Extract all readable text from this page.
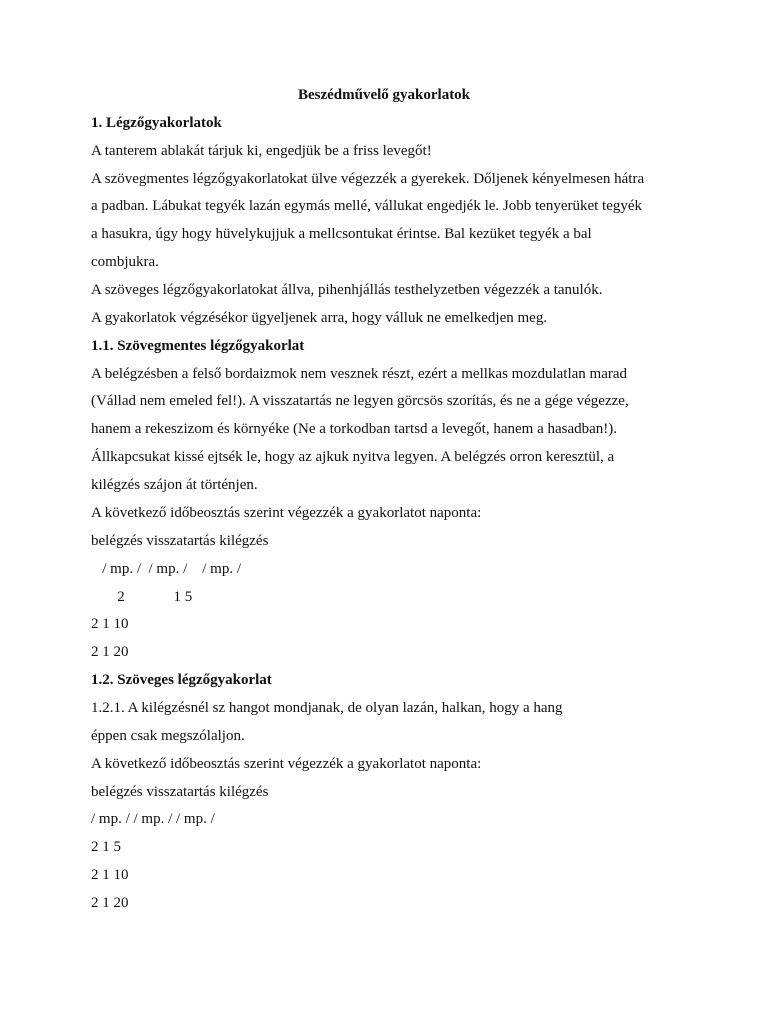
Beszédművelő gyakorlatok
1. Légzőgyakorlatok
A tanterem ablakát tárjuk ki, engedjük be a friss levegőt!
A szövegmentes légzőgyakorlatokat ülve végezzék a gyerekek. Dőljenek kényelmesen hátra
a padban. Lábukat tegyék lazán egymás mellé, vállukat engedjék le. Jobb tenyerüket tegyék
a hasukra, úgy hogy hüvelykujjuk a mellcsontukat érintse. Bal kezüket tegyék a bal
combjukra.
A szöveges légzőgyakorlatokat állva, pihenhjállás testhelyzetben végezzék a tanulók.
A gyakorlatok végzésékor ügyeljenek arra, hogy válluk ne emelkedjen meg.
1.1. Szövegmentes légzőgyakorlat
A belégzésben a felső bordaizmok nem vesznek részt, ezért a mellkas mozdulatlan marad
(Vállad nem emeled fel!). A visszatartás ne legyen görcsös szorítás, és ne a gége végezze,
hanem a rekeszizom és környéke (Ne a torkodban tartsd a levegőt, hanem a hasadban!).
Állkapcsukat kissé ejtsék le, hogy az ajkuk nyitva legyen. A belégzés orron keresztül, a
kilégzés szájon át történjen.
A következő időbeosztás szerint végezzék a gyakorlatot naponta:
belégzés visszatartás kilégzés
/ mp. /  / mp. /    / mp. /
2             1 5
2 1 10
2 1 20
1.2. Szöveges légzőgyakorlat
1.2.1. A kilégzésnél sz hangot mondjanak, de olyan lazán, halkan, hogy a hang
éppen csak megszólaljon.
A következő időbeosztás szerint végezzék a gyakorlatot naponta:
belégzés visszatartás kilégzés
/ mp. / / mp. / / mp. /
2 1 5
2 1 10
2 1 20
